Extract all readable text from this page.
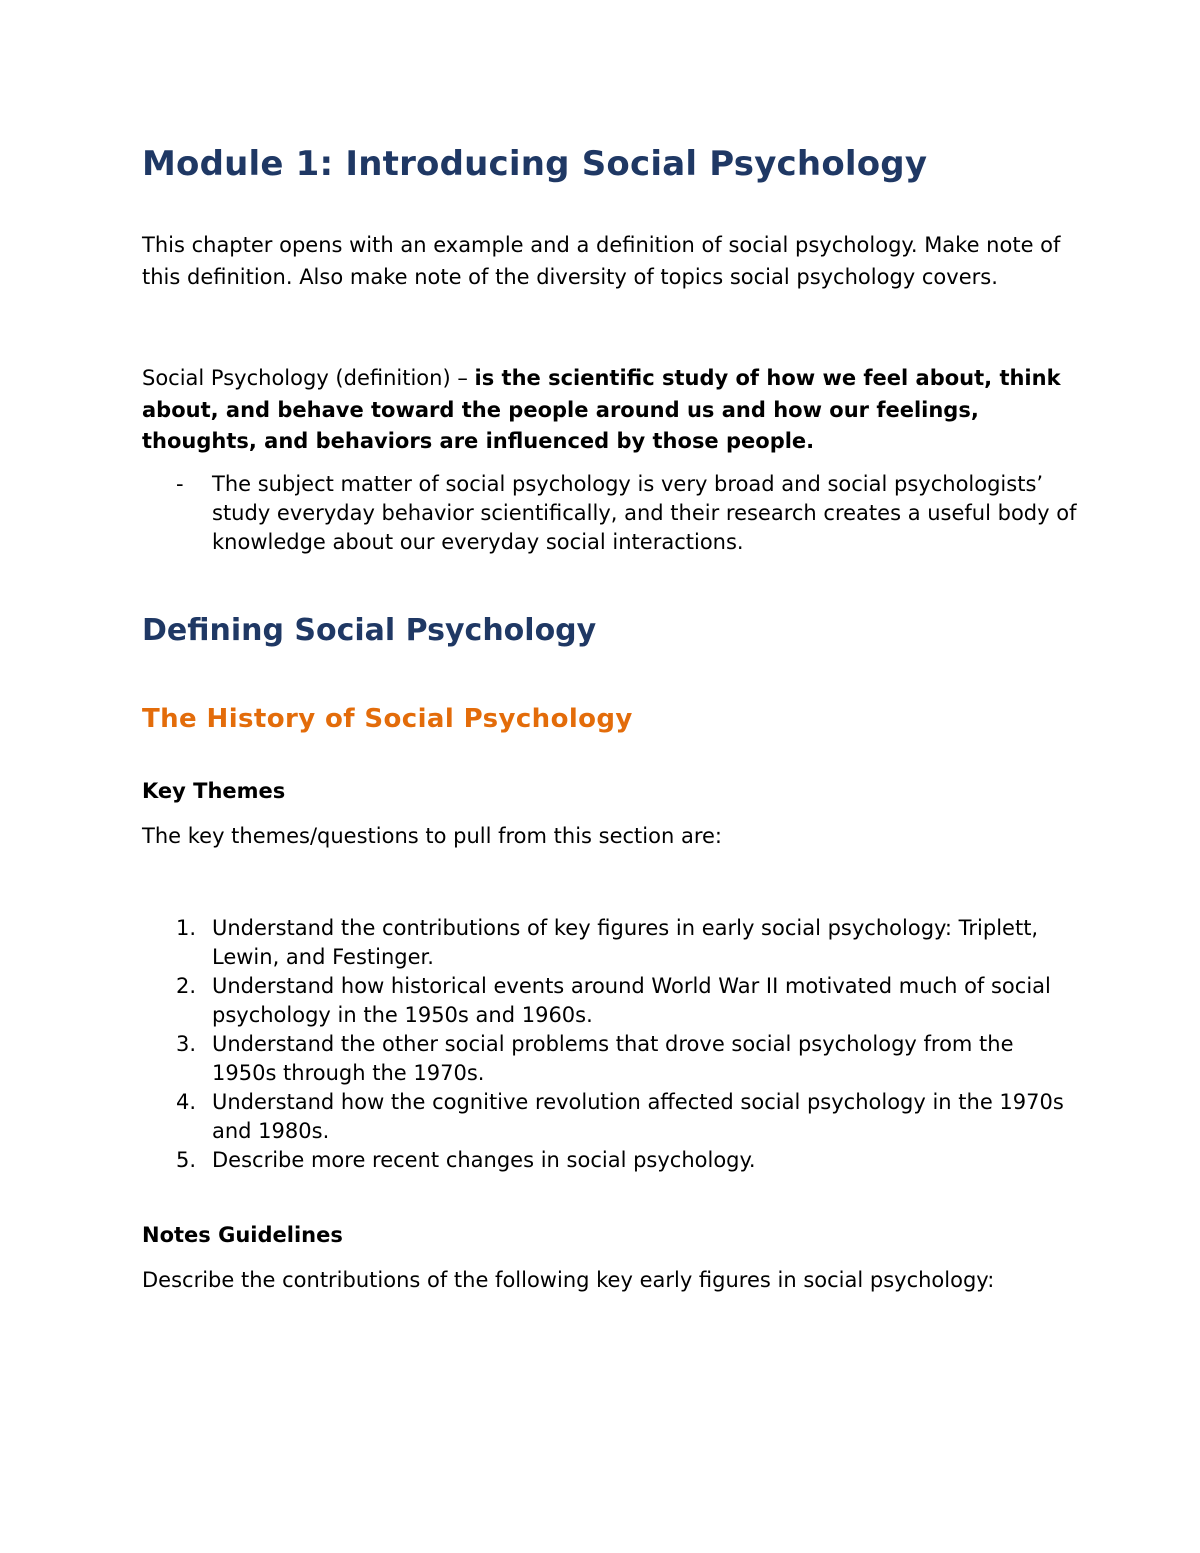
Module 1: Introducing Social Psychology

This chapter opens with an example and a definition of social psychology. Make note of this definition. Also make note of the diversity of topics social psychology covers.

Social Psychology (definition) – is the scientific study of how we feel about, think about, and behave toward the people around us and how our feelings, thoughts, and behaviors are influenced by those people.

- The subject matter of social psychology is very broad and social psychologists’ study everyday behavior scientifically, and their research creates a useful body of knowledge about our everyday social interactions.
Defining Social Psychology
The History of Social Psychology
Key Themes

The key themes/questions to pull from this section are:

1. Understand the contributions of key figures in early social psychology: Triplett, Lewin, and Festinger.
2. Understand how historical events around World War II motivated much of social psychology in the 1950s and 1960s.
3. Understand the other social problems that drove social psychology from the 1950s through the 1970s.
4. Understand how the cognitive revolution affected social psychology in the 1970s and 1980s.
5. Describe more recent changes in social psychology.
Notes Guidelines

Describe the contributions of the following key early figures in social psychology:
